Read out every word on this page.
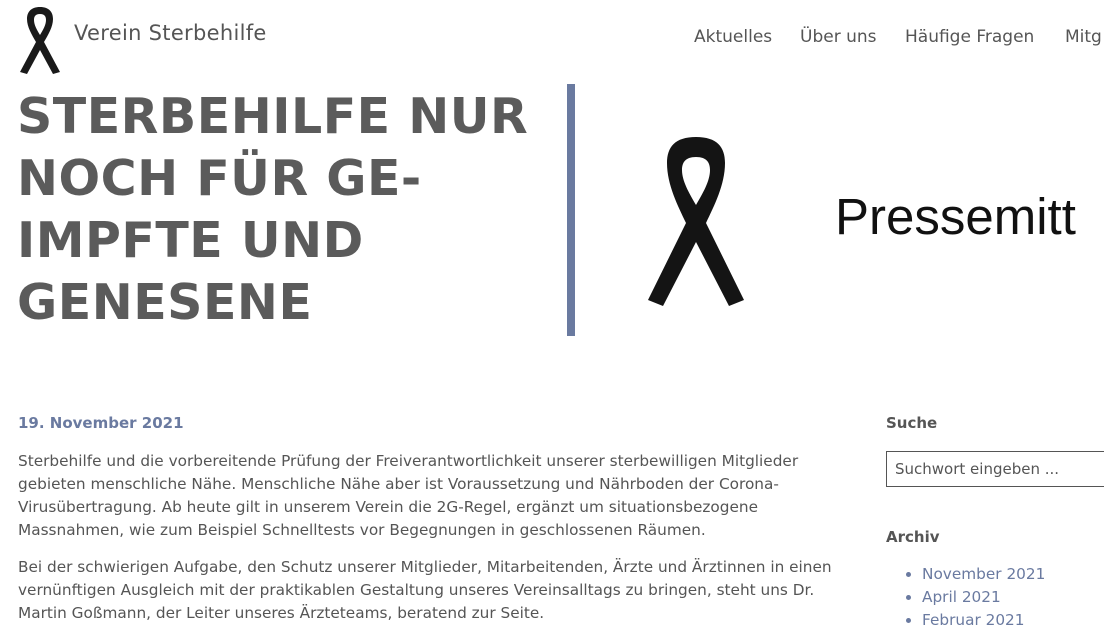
Verein Sterbehilfe	Aktuelles Über uns Häufige Fragen Mitg
STERBEHILFE NUR NOCH FÜR GE-IMPFTE UND GENESENE
Pressemitt
19. November 2021

Sterbehilfe und die vorbereitende Prüfung der Freiverantwortlichkeit unserer sterbewilligen Mitglieder gebieten menschliche Nähe. Menschliche Nähe aber ist Voraussetzung und Nährboden der Corona-Virusübertragung. Ab heute gilt in unserem Verein die 2G-Regel, ergänzt um situationsbezogene Massnahmen, wie zum Beispiel Schnelltests vor Begegnungen in geschlossenen Räumen.

Bei der schwierigen Aufgabe, den Schutz unserer Mitglieder, Mitarbeitenden, Ärzte und Ärztinnen in einen vernünftigen Ausgleich mit der praktikablen Gestaltung unseres Vereinsalltags zu bringen, steht uns Dr. Martin Goßmann, der Leiter unseres Ärzteteams, beratend zur Seite.

Suche
Suchwort eingeben ...
Archiv
• November 2021
• April 2021
• Februar 2021
